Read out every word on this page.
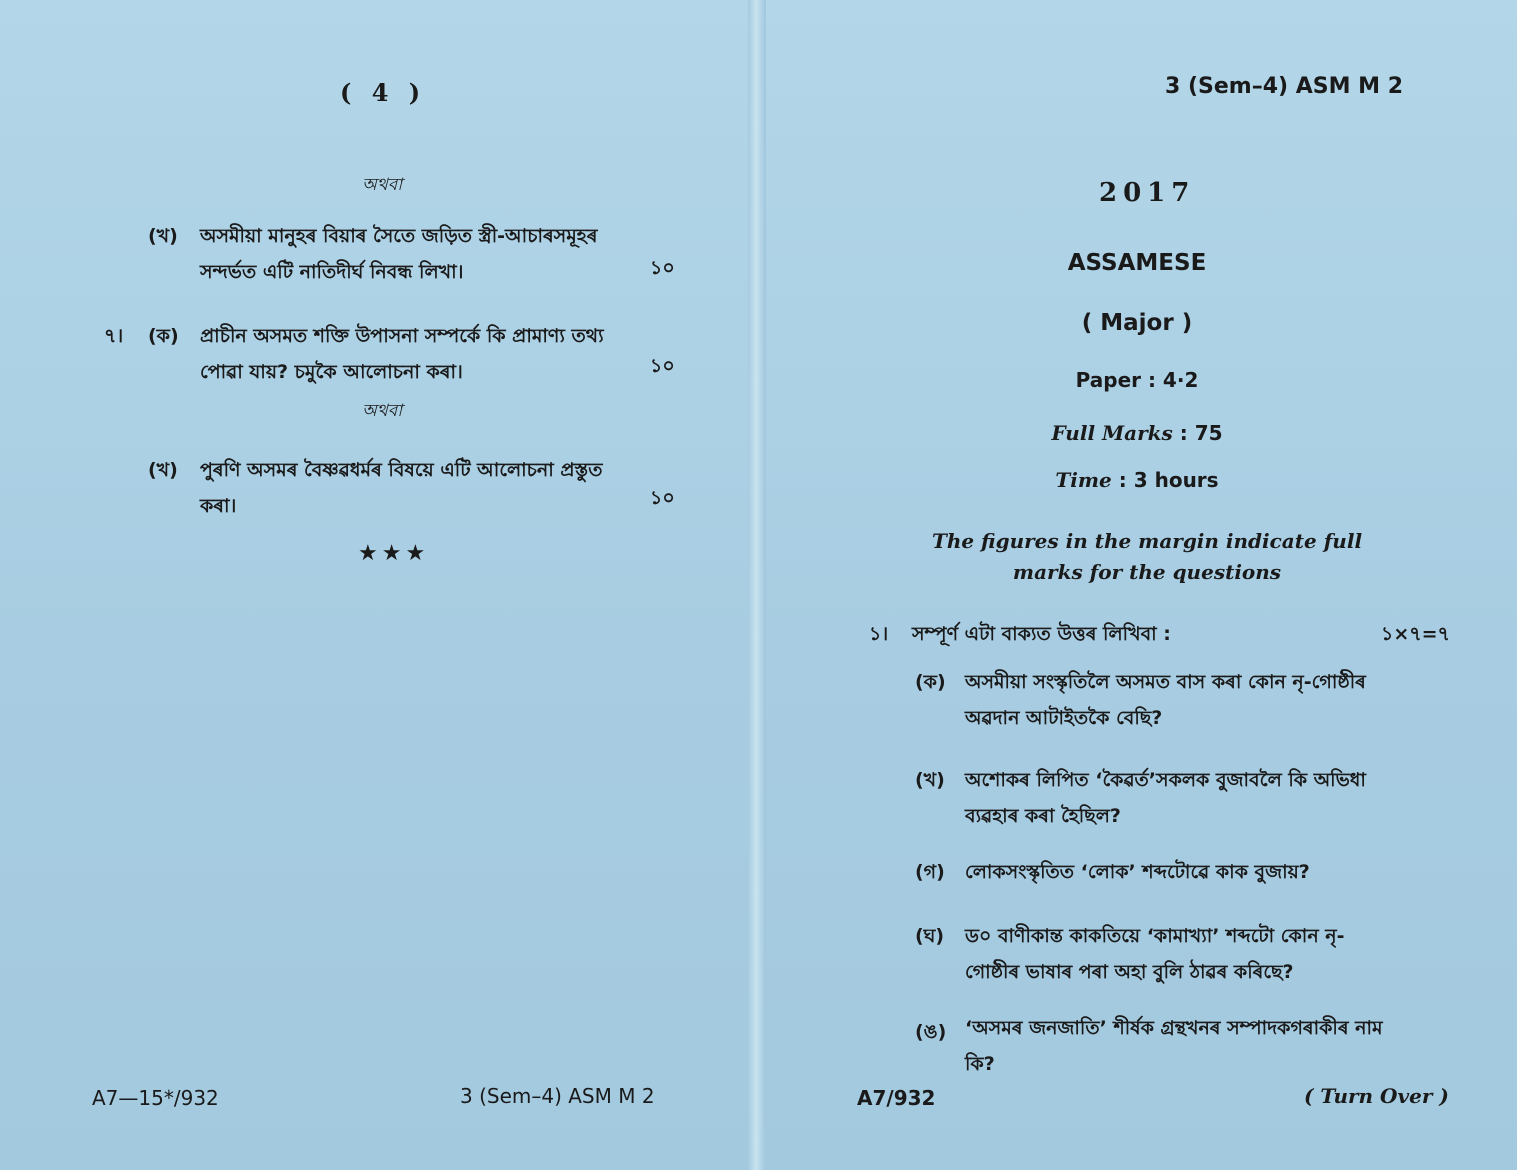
( 4 )
অথবা
(খ) অসমীয়া মানুহৰ বিয়াৰ সৈতে জড়িত স্ত্ৰী-আচাৰসমূহৰ সন্দৰ্ভত এটি নাতিদীৰ্ঘ নিবন্ধ লিখা।	১০
৭। (ক) প্ৰাচীন অসমত শক্তি উপাসনা সম্পৰ্কে কি প্ৰামাণ্য তথ্য পোৱা যায়? চমুকৈ আলোচনা কৰা।	১০
অথবা
(খ) পুৰণি অসমৰ বৈষ্ণৱধৰ্মৰ বিষয়ে এটি আলোচনা প্ৰস্তুত কৰা।	১০
★★★
A7—15*/932	3 (Sem–4) ASM M 2
3 (Sem–4) ASM M 2
2017
ASSAMESE
( Major )
Paper : 4·2
Full Marks : 75
Time : 3 hours
The figures in the margin indicate full marks for the questions
১। সম্পূৰ্ণ এটা বাক্যত উত্তৰ লিখিবা :	১×৭=৭
(ক) অসমীয়া সংস্কৃতিলৈ অসমত বাস কৰা কোন নৃ-গোষ্ঠীৰ অৱদান আটাইতকৈ বেছি?
(খ) অশোকৰ লিপিত ‘কৈৱৰ্ত’সকলক বুজাবলৈ কি অভিধা ব্যৱহাৰ কৰা হৈছিল?
(গ) লোকসংস্কৃতিত ‘লোক’ শব্দটোৱে কাক বুজায়?
(ঘ) ড০ বাণীকান্ত কাকতিয়ে ‘কামাখ্যা’ শব্দটো কোন নৃ-গোষ্ঠীৰ ভাষাৰ পৰা অহা বুলি ঠাৱৰ কৰিছে?
(ঙ) ‘অসমৰ জনজাতি’ শীৰ্ষক গ্ৰন্থখনৰ সম্পাদকগৰাকীৰ নাম কি?
A7/932	( Turn Over )
